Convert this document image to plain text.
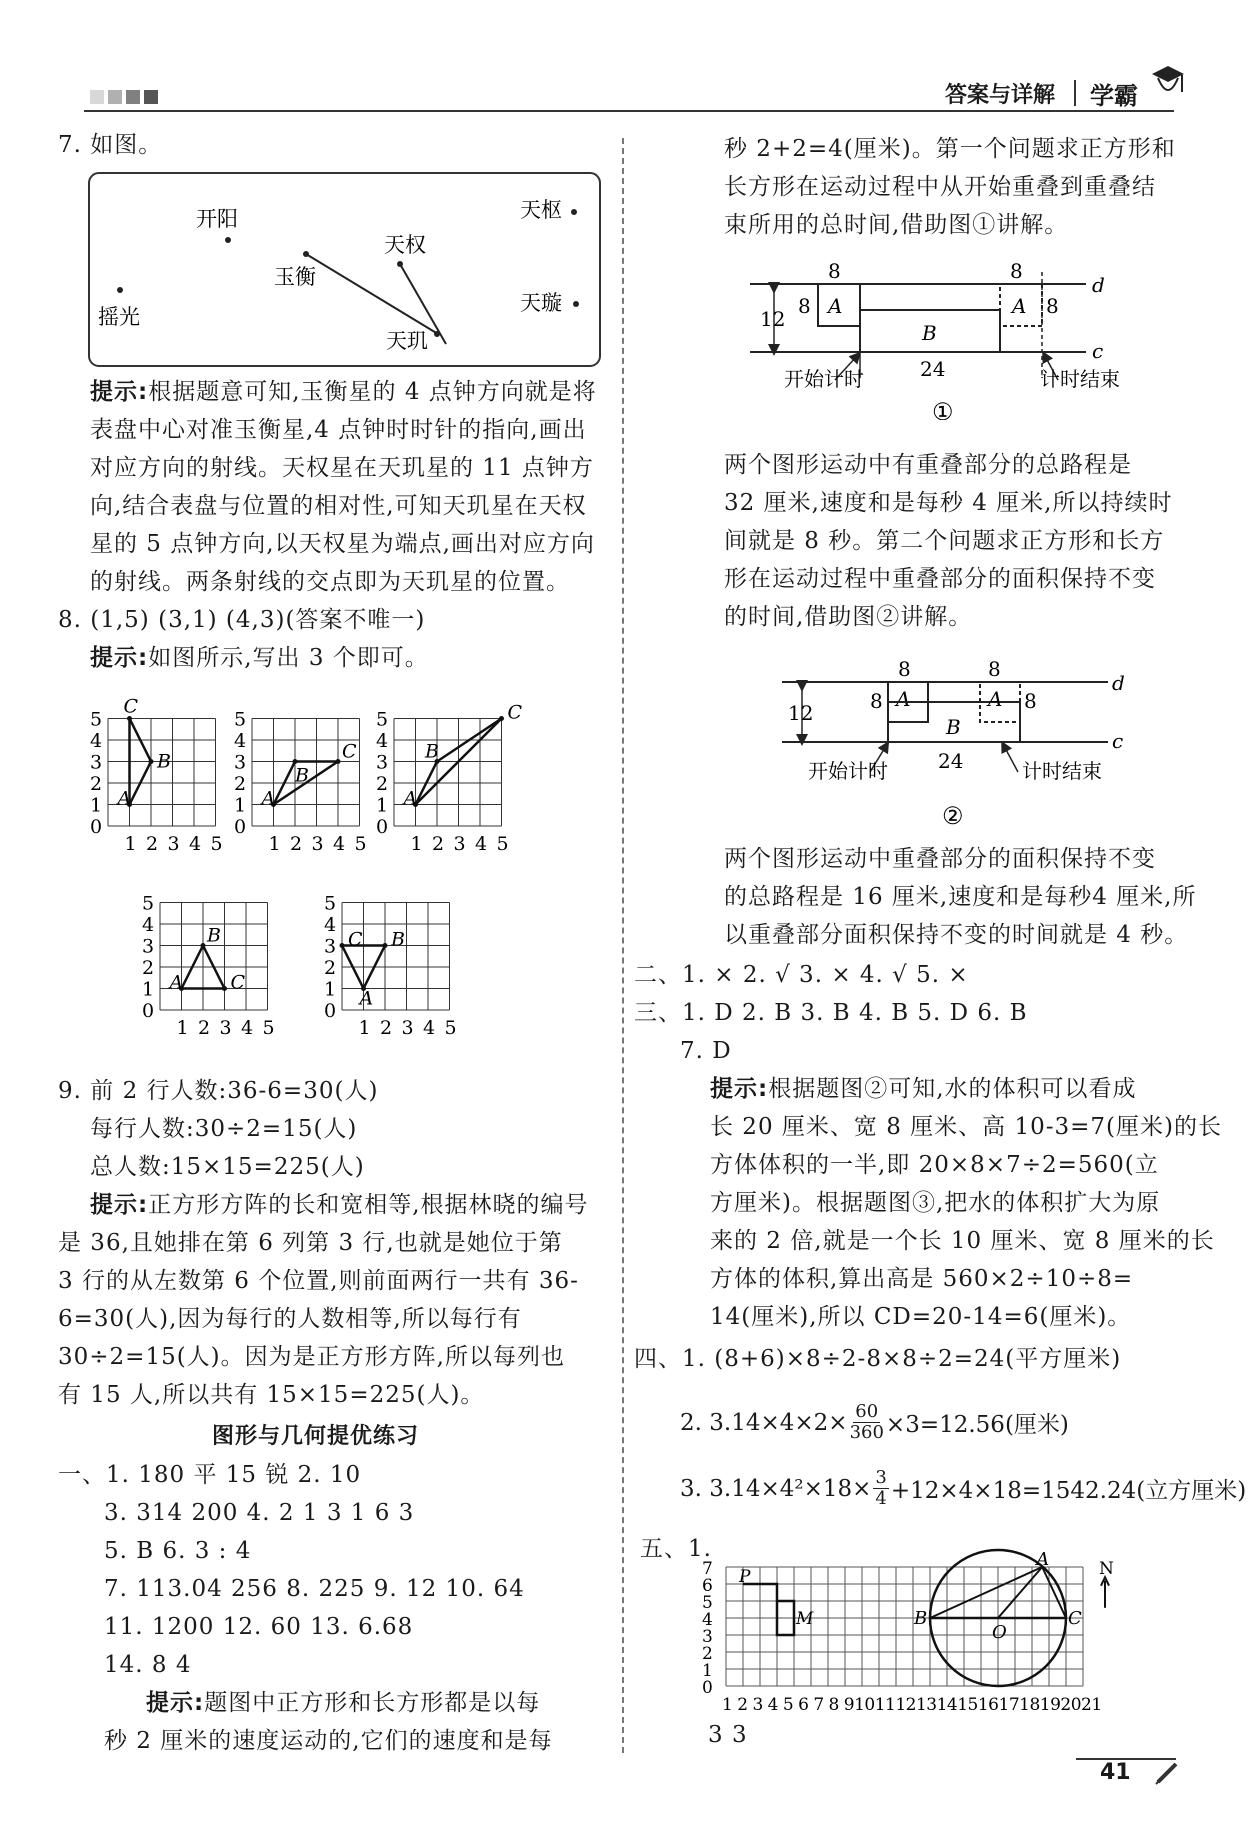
答案与详解 学霸
7. 如图。
开阳	天枢
天权
玉衡
摇光
天璇
天玑
提示:根据题意可知,玉衡星的 4 点钟方向就是将
表盘中心对准玉衡星,4 点钟时时针的指向,画出
对应方向的射线。天权星在天玑星的 11 点钟方
向,结合表盘与位置的相对性,可知天玑星在天权
星的 5 点钟方向,以天权星为端点,画出对应方向
的射线。两条射线的交点即为天玑星的位置。
8. (1,5) (3,1) (4,3)(答案不唯一)
提示:如图所示,写出 3 个即可。
0
1
2
3
4
5
1 2 3 4 5
A
B
C
0
1
2
3
4
5
1 2 3 4 5
A
B
C
0
1
2
3
4
5
1 2 3 4 5
A
B
C
0
1
2
3
4
5
1 2 3 4 5
A
B
C
0
1
2
3
4
5
1 2 3 4 5
A
B
C
9. 前 2 行人数:36-6=30(人)
每行人数:30÷2=15(人)
总人数:15×15=225(人)
提示:正方形方阵的长和宽相等,根据林晓的编号
是 36,且她排在第 6 列第 3 行,也就是她位于第
3 行的从左数第 6 个位置,则前面两行一共有 36-
6=30(人),因为每行的人数相等,所以每行有
30÷2=15(人)。因为是正方形方阵,所以每列也
有 15 人,所以共有 15×15=225(人)。
图形与几何提优练习
一、1. 180 平 15 锐 2. 10
3. 314 200 4. 2 1 3 1 6 3
5. B 6. 3 : 4
7. 113.04 256 8. 225 9. 12 10. 64
11. 1200 12. 60 13. 6.68
14. 8 4
提示:题图中正方形和长方形都是以每
秒 2 厘米的速度运动的,它们的速度和是每
秒 2+2=4(厘米)。第一个问题求正方形和
长方形在运动过程中从开始重叠到重叠结
束所用的总时间,借助图①讲解。
d
c
12
A
8
8
B
A 8
8
24
开始计时	计时结束
①
两个图形运动中有重叠部分的总路程是
32 厘米,速度和是每秒 4 厘米,所以持续时
间就是 8 秒。第二个问题求正方形和长方
形在运动过程中重叠部分的面积保持不变
的时间,借助图②讲解。
d
c
12
A
8
8
B
A 8
8
24
开始计时	计时结束
②
两个图形运动中重叠部分的面积保持不变
的总路程是 16 厘米,速度和是每秒4 厘米,所
以重叠部分面积保持不变的时间就是 4 秒。
二、1. × 2. √ 3. × 4. √ 5. ×
三、1. D 2. B 3. B 4. B 5. D 6. B
7. D
提示:根据题图②可知,水的体积可以看成
长 20 厘米、宽 8 厘米、高 10-3=7(厘米)的长
方体体积的一半,即 20×8×7÷2=560(立
方厘米)。根据题图③,把水的体积扩大为原
来的 2 倍,就是一个长 10 厘米、宽 8 厘米的长
方体的体积,算出高是 560×2÷10÷8=
14(厘米),所以 CD=20-14=6(厘米)。
四、1. (8+6)×8÷2-8×8÷2=24(平方厘米)
2. $3.14\times 4\times 2\times \frac{60}{360} \times 3=12.56$(厘米)
3. $3.14\times 4^2\times 18\times \frac{3}{4} +12\times 4\times 18=1542.24$(立方厘米)
五、1.
0
1
2
3
4
5
6
7
1 2 3 4 5 6 7 8 9101112131415161718192021
P
M	B
O
C
A	N
3 3
41
